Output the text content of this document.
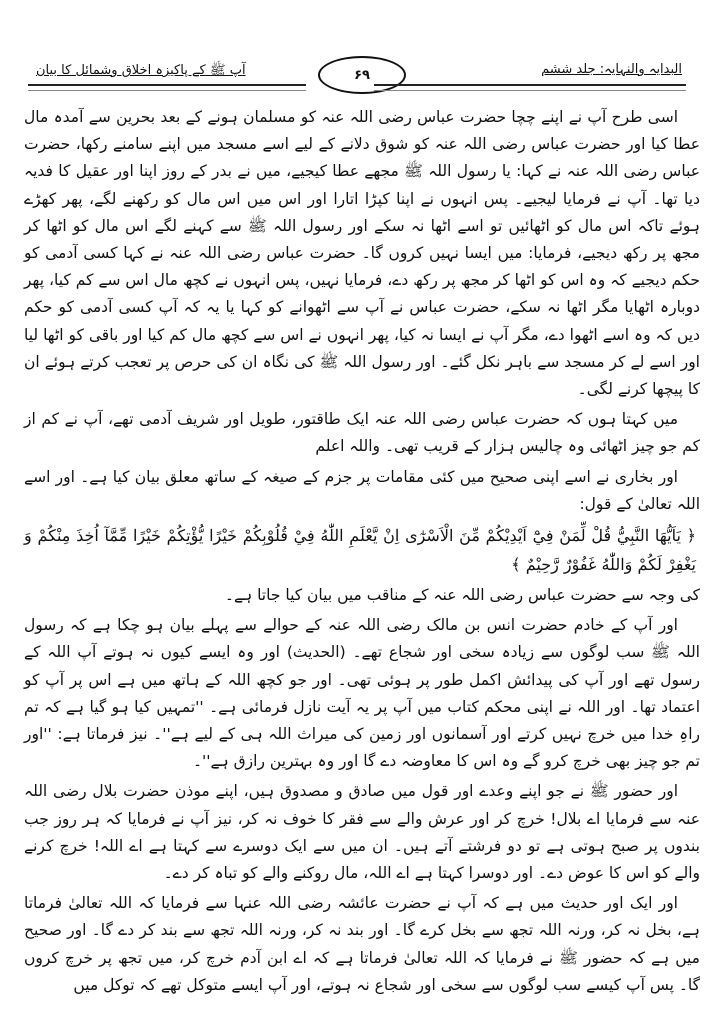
آپ ﷺ کے پاکیزہ اخلاق وشمائل کا بیان	۶۹	البدایہ والنہایہ: جلد ششم

اسی طرح آپ نے اپنے چچا حضرت عباس رضی اللہ عنہ کو مسلمان ہونے کے بعد بحرین سے آمدہ مال عطا کیا اور حضرت عباس رضی اللہ عنہ کو شوق دلانے کے لیے اسے مسجد میں اپنے سامنے رکھا، حضرت عباس رضی اللہ عنہ نے کہا: یا رسول اللہ ﷺ مجھے عطا کیجیے، میں نے بدر کے روز اپنا اور عقیل کا فدیہ دیا تھا۔ آپ نے فرمایا لیجیے۔ پس انہوں نے اپنا کپڑا اتارا اور اس میں اس مال کو رکھنے لگے، پھر کھڑے ہوئے تاکہ اس مال کو اٹھائیں تو اسے اٹھا نہ سکے اور رسول اللہ ﷺ سے کہنے لگے اس مال کو اٹھا کر مجھ پر رکھ دیجیے، فرمایا: میں ایسا نہیں کروں گا۔ حضرت عباس رضی اللہ عنہ نے کہا کسی آدمی کو حکم دیجیے کہ وہ اس کو اٹھا کر مجھ پر رکھ دے، فرمایا نہیں، پس انہوں نے کچھ مال اس سے کم کیا، پھر دوبارہ اٹھایا مگر اٹھا نہ سکے، حضرت عباس نے آپ سے اٹھوانے کو کہا یا یہ کہ آپ کسی آدمی کو حکم دیں کہ وہ اسے اٹھوا دے، مگر آپ نے ایسا نہ کیا، پھر انہوں نے اس سے کچھ مال کم کیا اور باقی کو اٹھا لیا اور اسے لے کر مسجد سے باہر نکل گئے۔ اور رسول اللہ ﷺ کی نگاہ ان کی حرص پر تعجب کرتے ہوئے ان کا پیچھا کرنے لگی۔

میں کہتا ہوں کہ حضرت عباس رضی اللہ عنہ ایک طاقتور، طویل اور شریف آدمی تھے، آپ نے کم از کم جو چیز اٹھائی وہ چالیس ہزار کے قریب تھی۔ واللہ اعلم

اور بخاری نے اسے اپنی صحیح میں کئی مقامات پر جزم کے صیغہ کے ساتھ معلق بیان کیا ہے۔ اور اسے اللہ تعالیٰ کے قول:

﴿ يَاَيُّهَا النَّبِيُّ قُلْ لِّمَنْ فِيْٓ اَيْدِيْكُمْ مِّنَ الْاَسْرٰٓى اِنْ يَّعْلَمِ اللّٰهُ فِيْ قُلُوْبِكُمْ خَيْرًا يُّؤْتِكُمْ خَيْرًا مِّمَّآ اُخِذَ مِنْكُمْ وَ يَغْفِرْ لَكُمْ وَاللّٰهُ غَفُوْرٌ رَّحِيْمٌ ﴾

کی وجہ سے حضرت عباس رضی اللہ عنہ کے مناقب میں بیان کیا جاتا ہے۔

اور آپ کے خادم حضرت انس بن مالک رضی اللہ عنہ کے حوالے سے پہلے بیان ہو چکا ہے کہ رسول اللہ ﷺ سب لوگوں سے زیادہ سخی اور شجاع تھے۔ (الحدیث) اور وہ ایسے کیوں نہ ہوتے آپ اللہ کے رسول تھے اور آپ کی پیدائش اکمل طور پر ہوئی تھی۔ اور جو کچھ اللہ کے ہاتھ میں ہے اس پر آپ کو اعتماد تھا۔ اور اللہ نے اپنی محکم کتاب میں آپ پر یہ آیت نازل فرمائی ہے۔ ''تمہیں کیا ہو گیا ہے کہ تم راہِ خدا میں خرچ نہیں کرتے اور آسمانوں اور زمین کی میراث اللہ ہی کے لیے ہے''۔ نیز فرماتا ہے: ''اور تم جو چیز بھی خرچ کرو گے وہ اس کا معاوضہ دے گا اور وہ بہترین رازق ہے''۔

اور حضور ﷺ نے جو اپنے وعدے اور قول میں صادق و مصدوق ہیں، اپنے موذن حضرت بلال رضی اللہ عنہ سے فرمایا اے بلال! خرچ کر اور عرش والے سے فقر کا خوف نہ کر، نیز آپ نے فرمایا کہ ہر روز جب بندوں پر صبح ہوتی ہے تو دو فرشتے آتے ہیں۔ ان میں سے ایک دوسرے سے کہتا ہے اے اللہ! خرچ کرنے والے کو اس کا عوض دے۔ اور دوسرا کہتا ہے اے اللہ، مال روکنے والے کو تباہ کر دے۔

اور ایک اور حدیث میں ہے کہ آپ نے حضرت عائشہ رضی اللہ عنہا سے فرمایا کہ اللہ تعالیٰ فرماتا ہے، بخل نہ کر، ورنہ اللہ تجھ سے بخل کرے گا۔ اور بند نہ کر، ورنہ اللہ تجھ سے بند کر دے گا۔ اور صحیح میں ہے کہ حضور ﷺ نے فرمایا کہ اللہ تعالیٰ فرماتا ہے کہ اے ابن آدم خرچ کر، میں تجھ پر خرچ کروں گا۔ پس آپ کیسے سب لوگوں سے سخی اور شجاع نہ ہوتے، اور آپ ایسے متوکل تھے کہ توکل میں
